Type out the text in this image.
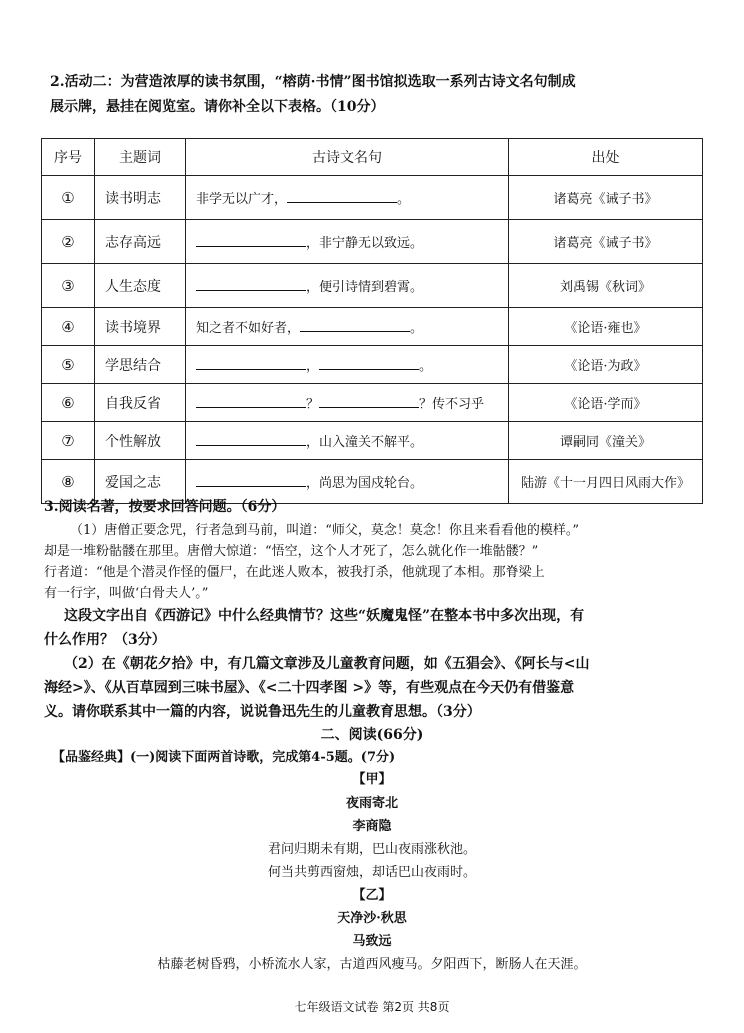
2.活动二：为营造浓厚的读书氛围，“榕荫·书情”图书馆拟选取一系列古诗文名句制成
展示牌，悬挂在阅览室。请你补全以下表格。（10分）
序号	主题词	古诗文名句	出处
①	读书明志	非学无以广才， 。	诸葛亮《诫子书》
②	志存高远	，非宁静无以致远。	诸葛亮《诫子书》
③	人生态度	，便引诗情到碧霄。	刘禹锡《秋词》
④	读书境界	知之者不如好者， 。	《论语·雍也》
⑤	学思结合	， 。	《论语·为政》
⑥	自我反省	？ ？传不习乎	《论语·学而》
⑦	个性解放	，山入潼关不解平。	谭嗣同《潼关》
⑧	爱国之志	，尚思为国戍轮台。	陆游《十一月四日风雨大作》
3.阅读名著，按要求回答问题。（6分）
（1）唐僧正要念咒，行者急到马前，叫道：“师父，莫念！莫念！你且来看看他的模样。”
却是一堆粉骷髅在那里。唐僧大惊道：“悟空，这个人才死了，怎么就化作一堆骷髅？”
行者道：“他是个潜灵作怪的僵尸，在此迷人败本，被我打杀，他就现了本相。那脊梁上
有一行字，叫做‘白骨夫人’。”
这段文字出自《西游记》中什么经典情节？这些“妖魔鬼怪”在整本书中多次出现，有
什么作用？（3分）
（2）在《朝花夕拾》中，有几篇文章涉及儿童教育问题，如《五猖会》、《阿长与<山
海经>》、《从百草园到三味书屋》、《<二十四孝图 >》等，有些观点在今天仍有借鉴意
义。请你联系其中一篇的内容，说说鲁迅先生的儿童教育思想。（3分）
二、阅读(66分)
【品鉴经典】(一)阅读下面两首诗歌，完成第4-5题。(7分)
【甲】
夜雨寄北
李商隐
君问归期未有期，巴山夜雨涨秋池。
何当共剪西窗烛，却话巴山夜雨时。
【乙】
天净沙·秋思
马致远
枯藤老树昏鸦，小桥流水人家，古道西风瘦马。夕阳西下，断肠人在天涯。
七年级语文试卷 第2页 共8页
